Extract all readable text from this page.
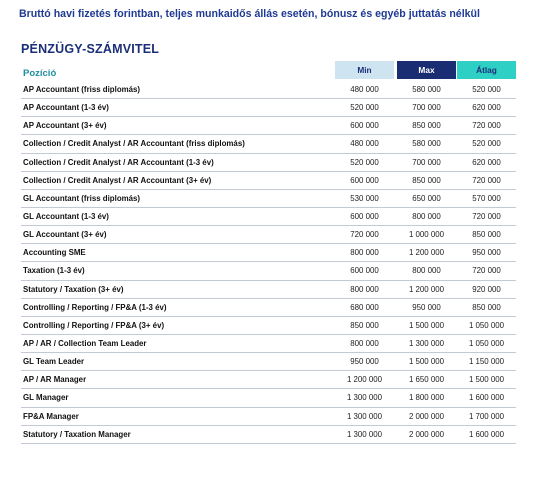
Bruttó havi fizetés forintban, teljes munkaidős állás esetén, bónusz és egyéb juttatás nélkül
PÉNZÜGY-SZÁMVITEL
Pozíció	Min	Max	Átlag
AP Accountant (friss diplomás)	480 000	580 000	520 000
AP Accountant (1-3 év)	520 000	700 000	620 000
AP Accountant (3+ év)	600 000	850 000	720 000
Collection / Credit Analyst / AR Accountant (friss diplomás)	480 000	580 000	520 000
Collection / Credit Analyst / AR Accountant (1-3 év)	520 000	700 000	620 000
Collection / Credit Analyst / AR Accountant (3+ év)	600 000	850 000	720 000
GL Accountant (friss diplomás)	530 000	650 000	570 000
GL Accountant (1-3 év)	600 000	800 000	720 000
GL Accountant (3+ év)	720 000	1 000 000	850 000
Accounting SME	800 000	1 200 000	950 000
Taxation (1-3 év)	600 000	800 000	720 000
Statutory / Taxation (3+ év)	800 000	1 200 000	920 000
Controlling / Reporting / FP&A (1-3 év)	680 000	950 000	850 000
Controlling / Reporting / FP&A (3+ év)	850 000	1 500 000	1 050 000
AP / AR / Collection Team Leader	800 000	1 300 000	1 050 000
GL Team Leader	950 000	1 500 000	1 150 000
AP / AR Manager	1 200 000	1 650 000	1 500 000
GL Manager	1 300 000	1 800 000	1 600 000
FP&A Manager	1 300 000	2 000 000	1 700 000
Statutory / Taxation Manager	1 300 000	2 000 000	1 600 000
